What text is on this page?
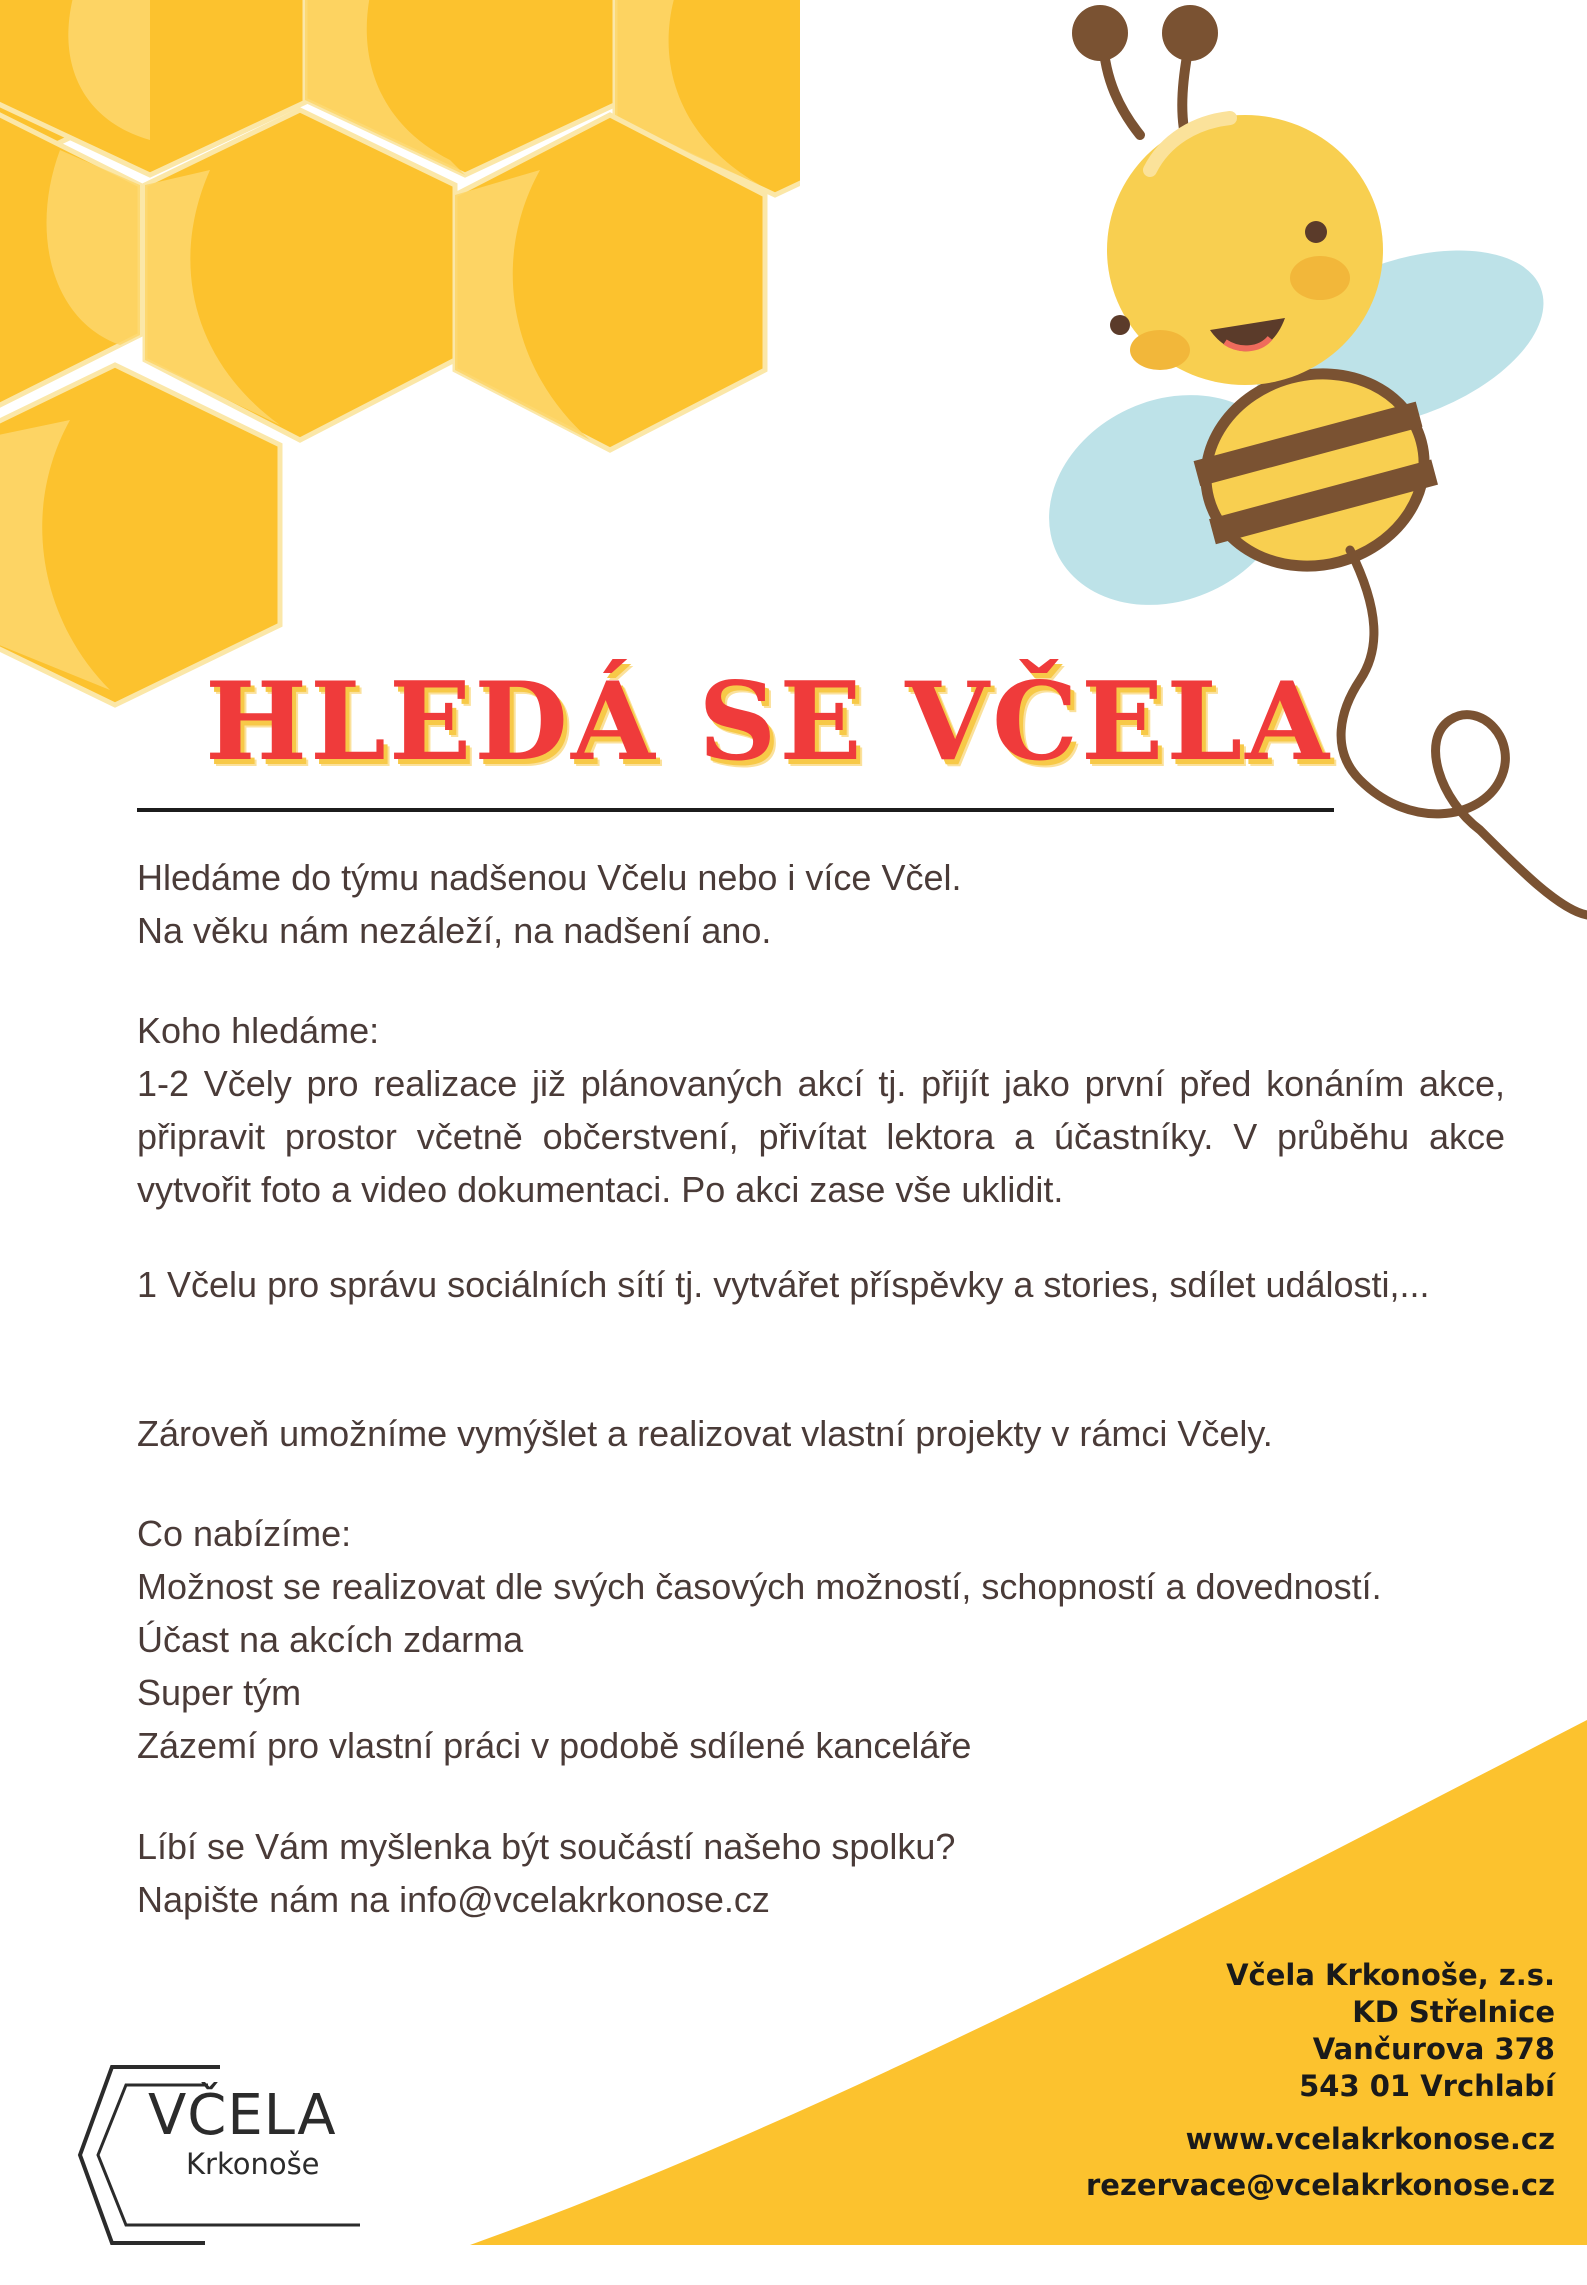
HLEDÁ SE VČELA

Hledáme do týmu nadšenou Včelu nebo i více Včel.

Na věku nám nezáleží, na nadšení ano.

Koho hledáme:

1-2 Včely pro realizace již plánovaných akcí tj. přijít jako první před konáním akce, připravit prostor včetně občerstvení, přivítat lektora a účastníky. V průběhu akce vytvořit foto a video dokumentaci. Po akci zase vše uklidit.

1 Včelu pro správu sociálních sítí tj. vytvářet příspěvky a stories, sdílet události,...

Zároveň umožníme vymýšlet a realizovat vlastní projekty v rámci Včely.

Co nabízíme:

Možnost se realizovat dle svých časových možností, schopností a dovedností.

Účast na akcích zdarma

Super tým

Zázemí pro vlastní práci v podobě sdílené kanceláře

Líbí se Vám myšlenka být součástí našeho spolku?

Napište nám na info@vcelakrkonose.cz

VČELA

Krkonoše

Včela Krkonoše, z.s.

KD Střelnice

Vančurova 378

543 01 Vrchlabí

www.vcelakrkonose.cz

rezervace@vcelakrkonose.cz
